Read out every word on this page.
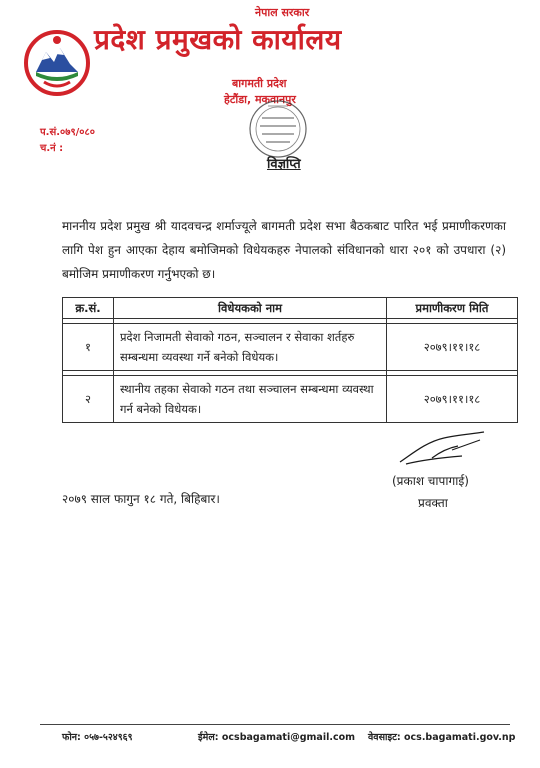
नेपाल सरकार
प्रदेश प्रमुखको कार्यालय
बागमती प्रदेश
हेटौंडा, मकवानपुर
प.सं.०७९/०८०
च.नं :
विज्ञप्ति
माननीय प्रदेश प्रमुख श्री यादवचन्द्र शर्माज्यूले बागमती प्रदेश सभा बैठकबाट पारित भई प्रमाणीकरणका लागि पेश हुन आएका देहाय बमोजिमको विधेयकहरु नेपालको संविधानको धारा २०१ को उपधारा (२) बमोजिम प्रमाणीकरण गर्नुभएको छ।
क्र.सं.	विधेयकको नाम	प्रमाणीकरण मिति

१	प्रदेश निजामती सेवाको गठन, सञ्चालन र सेवाका शर्तहरु सम्बन्धमा व्यवस्था गर्ने बनेको विधेयक।	२०७९।११।१८

२	स्थानीय तहका सेवाको गठन तथा सञ्चालन सम्बन्धमा व्यवस्था गर्न बनेको विधेयक।	२०७९।११।१८
(प्रकाश चापागाई)
प्रवक्ता
२०७९ साल फागुन १८ गते, बिहिबार।
फोन: ०५७-५२४९६९	ईमेल: ocsbagamati@gmail.com वेवसाइट: ocs.bagamati.gov.np
